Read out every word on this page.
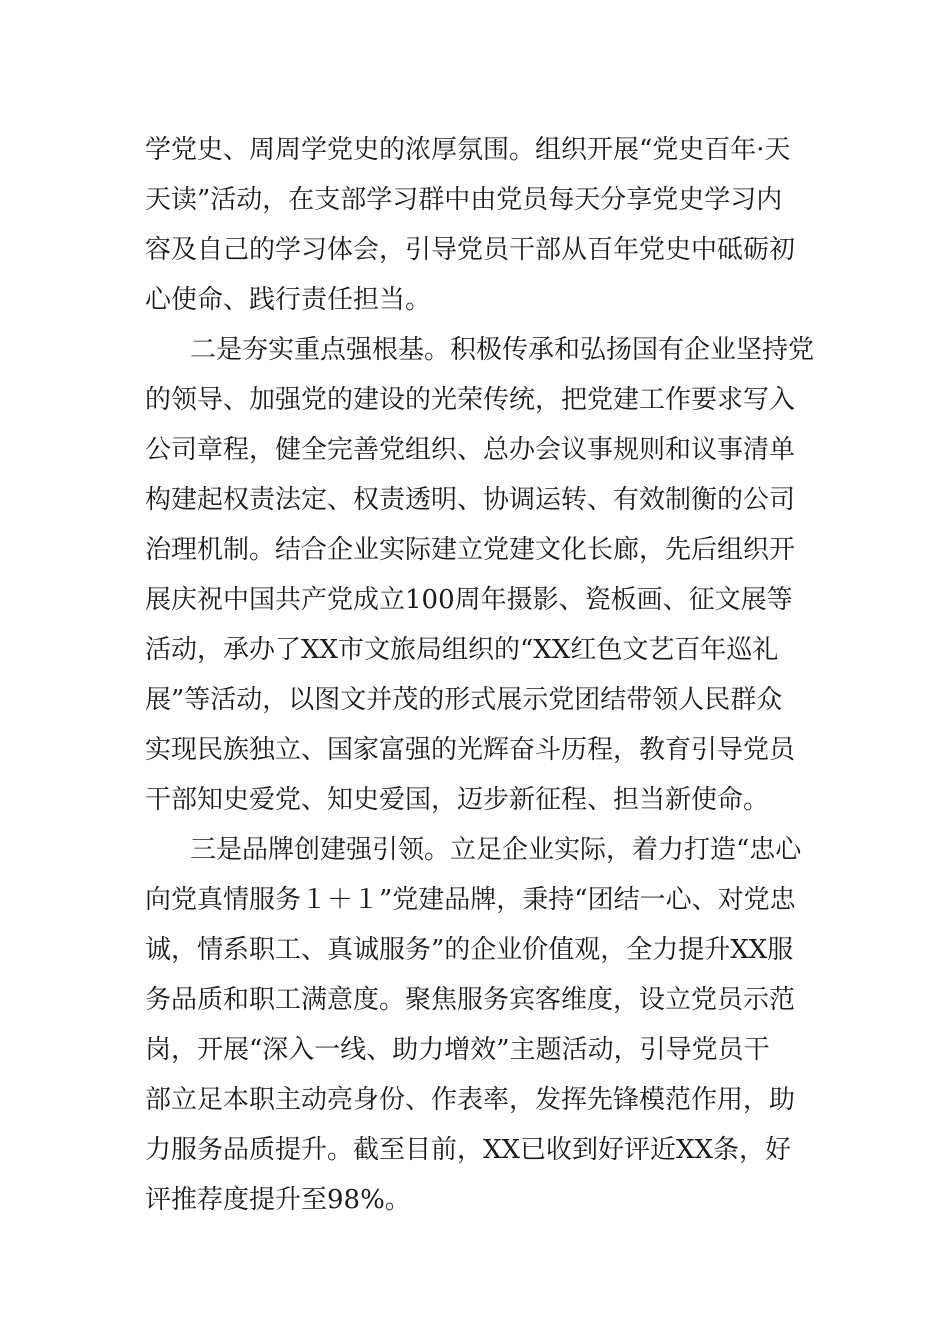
学党史、周周学党史的浓厚氛围。组织开展“党史百年·天

天读”活动，在支部学习群中由党员每天分享党史学习内

容及自己的学习体会，引导党员干部从百年党史中砥砺初

心使命、践行责任担当。

二是夯实重点强根基。积极传承和弘扬国有企业坚持党

的领导、加强党的建设的光荣传统，把党建工作要求写入

公司章程，健全完善党组织、总办会议事规则和议事清单

构建起权责法定、权责透明、协调运转、有效制衡的公司

治理机制。结合企业实际建立党建文化长廊，先后组织开

展庆祝中国共产党成立100周年摄影、瓷板画、征文展等

活动，承办了XX市文旅局组织的“XX红色文艺百年巡礼

展”等活动，以图文并茂的形式展示党团结带领人民群众

实现民族独立、国家富强的光辉奋斗历程，教育引导党员

干部知史爱党、知史爱国，迈步新征程、担当新使命。

三是品牌创建强引领。立足企业实际，着力打造“忠心

向党真情服务１＋１”党建品牌，秉持“团结一心、对党忠

诚，情系职工、真诚服务”的企业价值观，全力提升XX服

务品质和职工满意度。聚焦服务宾客维度，设立党员示范

岗，开展“深入一线、助力增效”主题活动，引导党员干

部立足本职主动亮身份、作表率，发挥先锋模范作用，助

力服务品质提升。截至目前，XX已收到好评近XX条，好

评推荐度提升至98%。
